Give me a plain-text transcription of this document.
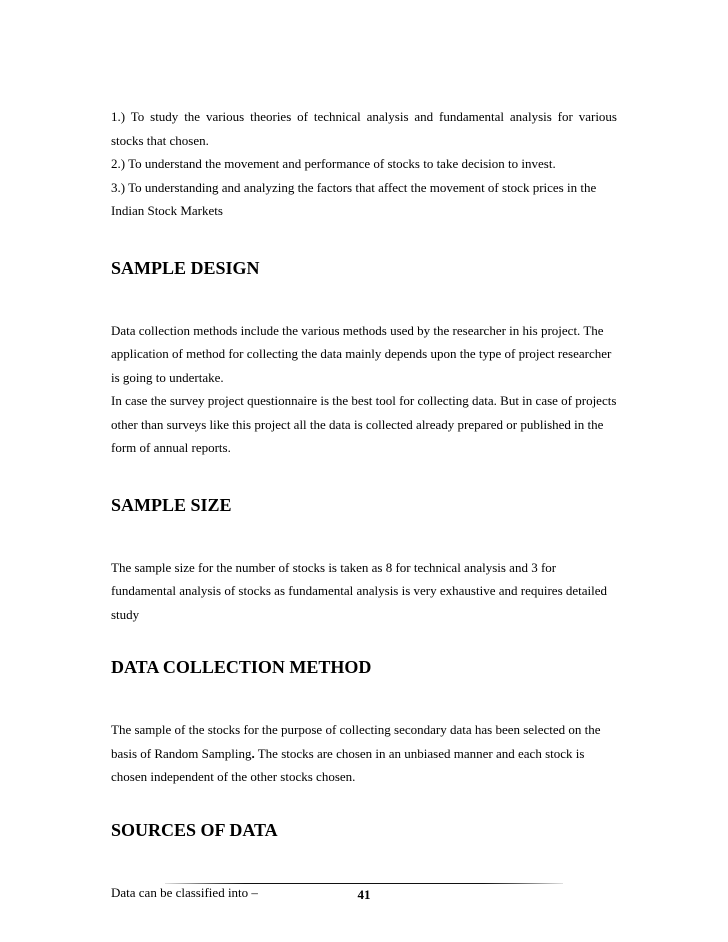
1.) To study the various theories of technical analysis and fundamental analysis for various stocks that chosen.

2.) To understand the movement and performance of stocks to take decision to invest.

3.) To understanding and analyzing the factors that affect the movement of stock prices in the Indian Stock Markets

SAMPLE DESIGN

Data collection methods include the various methods used by the researcher in his project. The application of method for collecting the data mainly depends upon the type of project researcher is going to undertake.

In case the survey project questionnaire is the best tool for collecting data. But in case of projects other than surveys like this project all the data is collected already prepared or published in the form of annual reports.

SAMPLE SIZE

The sample size for the number of stocks is taken as 8 for technical analysis and 3 for fundamental analysis of stocks as fundamental analysis is very exhaustive and requires detailed study

DATA COLLECTION METHOD

The sample of the stocks for the purpose of collecting secondary data has been selected on the basis of Random Sampling. The stocks are chosen in an unbiased manner and each stock is chosen independent of the other stocks chosen.

SOURCES OF DATA

Data can be classified into –	41
